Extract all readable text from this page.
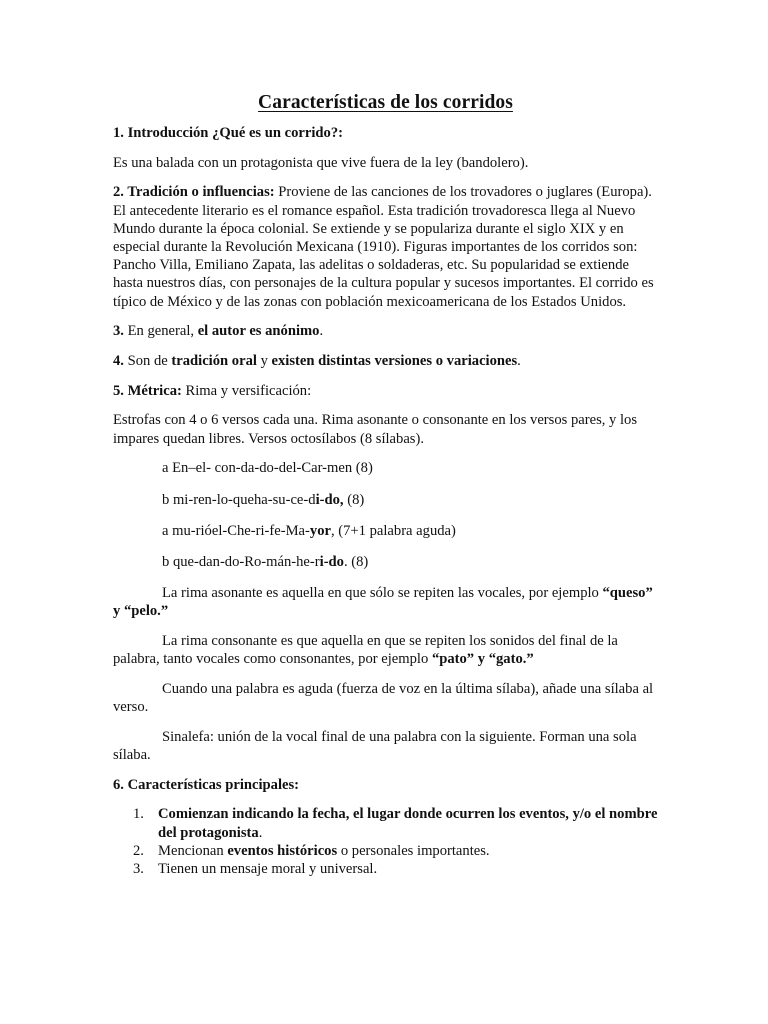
Características de los corridos

1. Introducción ¿Qué es un corrido?:

Es una balada con un protagonista que vive fuera de la ley (bandolero).

2. Tradición o influencias: Proviene de las canciones de los trovadores o juglares (Europa). El antecedente literario es el romance español. Esta tradición trovadoresca llega al Nuevo Mundo durante la época colonial. Se extiende y se populariza durante el siglo XIX y en especial durante la Revolución Mexicana (1910). Figuras importantes de los corridos son: Pancho Villa, Emiliano Zapata, las adelitas o soldaderas, etc. Su popularidad se extiende hasta nuestros días, con personajes de la cultura popular y sucesos importantes. El corrido es típico de México y de las zonas con población mexicoamericana de los Estados Unidos.

3. En general, el autor es anónimo.

4. Son de tradición oral y existen distintas versiones o variaciones.

5. Métrica: Rima y versificación:

Estrofas con 4 o 6 versos cada una. Rima asonante o consonante en los versos pares, y los impares quedan libres. Versos octosílabos (8 sílabas).

a En–el- con-da-do-del-Car-men (8)

b mi-ren-lo-queha-su-ce-di-do, (8)

a mu-rióel-Che-ri-fe-Ma-yor, (7+1 palabra aguda)

b que-dan-do-Ro-mán-he-ri-do. (8)

La rima asonante es aquella en que sólo se repiten las vocales, por ejemplo “queso” y “pelo.”

La rima consonante es que aquella en que se repiten los sonidos del final de la palabra, tanto vocales como consonantes, por ejemplo “pato” y “gato.”

Cuando una palabra es aguda (fuerza de voz en la última sílaba), añade una sílaba al verso.

Sinalefa: unión de la vocal final de una palabra con la siguiente. Forman una sola sílaba.

6. Características principales:

1. Comienzan indicando la fecha, el lugar donde ocurren los eventos, y/o el nombre del protagonista.
2. Mencionan eventos históricos o personales importantes.
3. Tienen un mensaje moral y universal.
